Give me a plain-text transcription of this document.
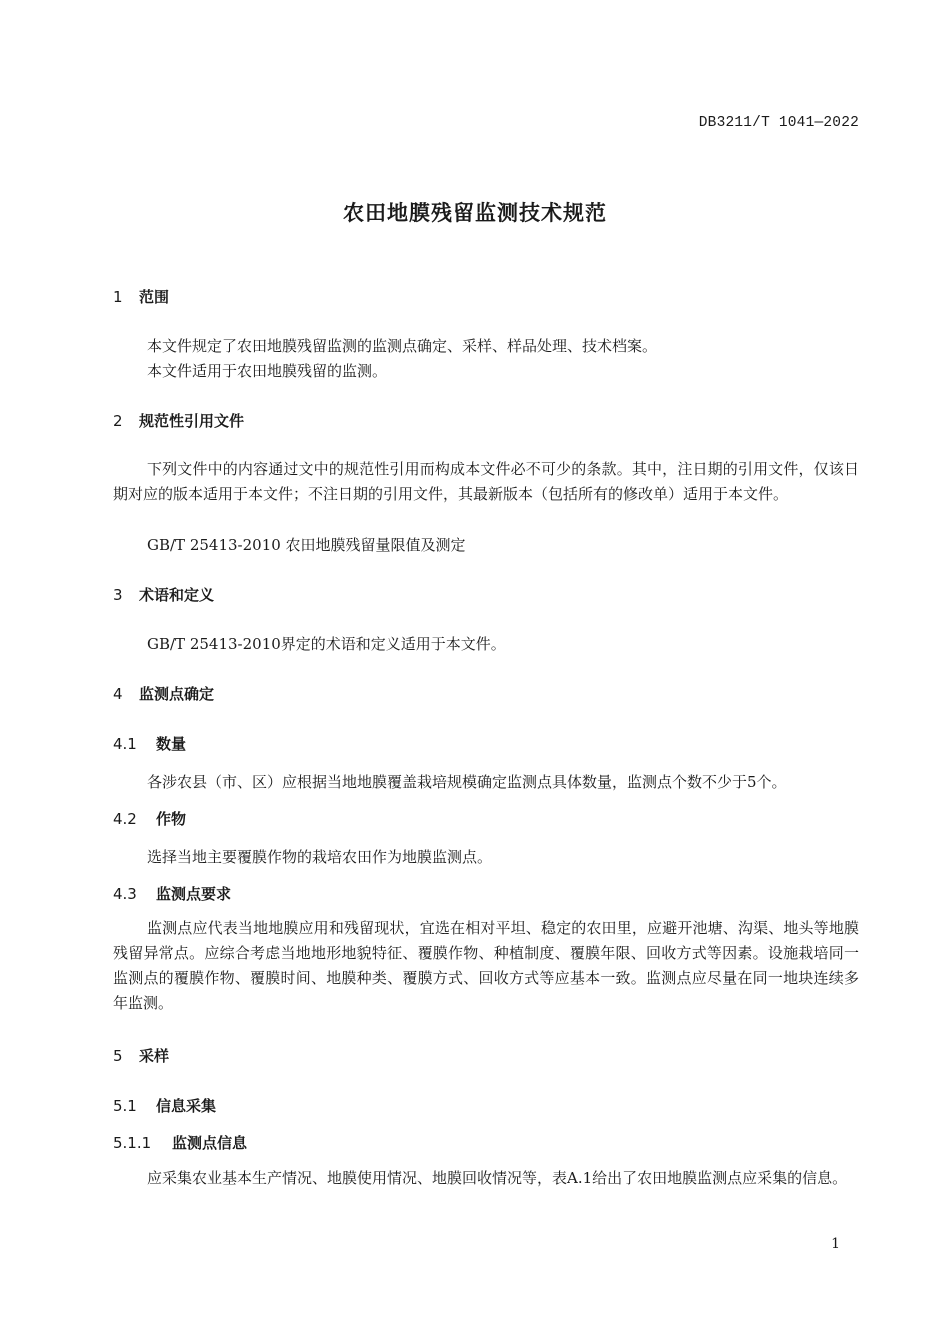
DB3211/T 1041—2022
农田地膜残留监测技术规范
1 范围
本文件规定了农田地膜残留监测的监测点确定、采样、样品处理、技术档案。
本文件适用于农田地膜残留的监测。
2 规范性引用文件
下列文件中的内容通过文中的规范性引用而构成本文件必不可少的条款。其中，注日期的引用文件，仅该日期对应的版本适用于本文件；不注日期的引用文件，其最新版本（包括所有的修改单）适用于本文件。
GB/T 25413-2010 农田地膜残留量限值及测定
3 术语和定义
GB/T 25413-2010界定的术语和定义适用于本文件。
4 监测点确定
4.1 数量
各涉农县（市、区）应根据当地地膜覆盖栽培规模确定监测点具体数量，监测点个数不少于5个。
4.2 作物
选择当地主要覆膜作物的栽培农田作为地膜监测点。
4.3 监测点要求
监测点应代表当地地膜应用和残留现状，宜选在相对平坦、稳定的农田里，应避开池塘、沟渠、地头等地膜残留异常点。应综合考虑当地地形地貌特征、覆膜作物、种植制度、覆膜年限、回收方式等因素。设施栽培同一监测点的覆膜作物、覆膜时间、地膜种类、覆膜方式、回收方式等应基本一致。监测点应尽量在同一地块连续多年监测。
5 采样
5.1 信息采集
5.1.1 监测点信息
应采集农业基本生产情况、地膜使用情况、地膜回收情况等，表A.1给出了农田地膜监测点应采集的信息。
1
